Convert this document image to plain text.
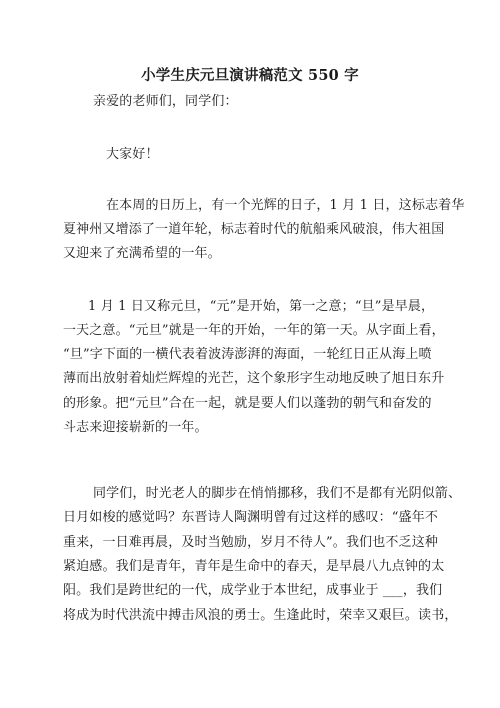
小学生庆元旦演讲稿范文 550 字
亲爱的老师们，同学们：
大家好！
在本周的日历上，有一个光辉的日子，1 月 1 日，这标志着华
夏神州又增添了一道年轮，标志着时代的航船乘风破浪，伟大祖国
又迎来了充满希望的一年。
1 月 1 日又称元旦，“元”是开始，第一之意；“旦”是早晨，
一天之意。“元旦”就是一年的开始，一年的第一天。从字面上看，
“旦”字下面的一横代表着波涛澎湃的海面，一轮红日正从海上喷
薄而出放射着灿烂辉煌的光芒，这个象形字生动地反映了旭日东升
的形象。把“元旦”合在一起，就是要人们以蓬勃的朝气和奋发的
斗志来迎接崭新的一年。
同学们，时光老人的脚步在悄悄挪移，我们不是都有光阴似箭、
日月如梭的感觉吗？东晋诗人陶渊明曾有过这样的感叹：“盛年不
重来，一日难再晨，及时当勉励，岁月不待人”。我们也不乏这种
紧迫感。我们是青年，青年是生命中的春天，是早晨八九点钟的太
阳。我们是跨世纪的一代，成学业于本世纪，成事业于 ___，我们
将成为时代洪流中搏击风浪的勇士。生逢此时，荣幸又艰巨。读书，
